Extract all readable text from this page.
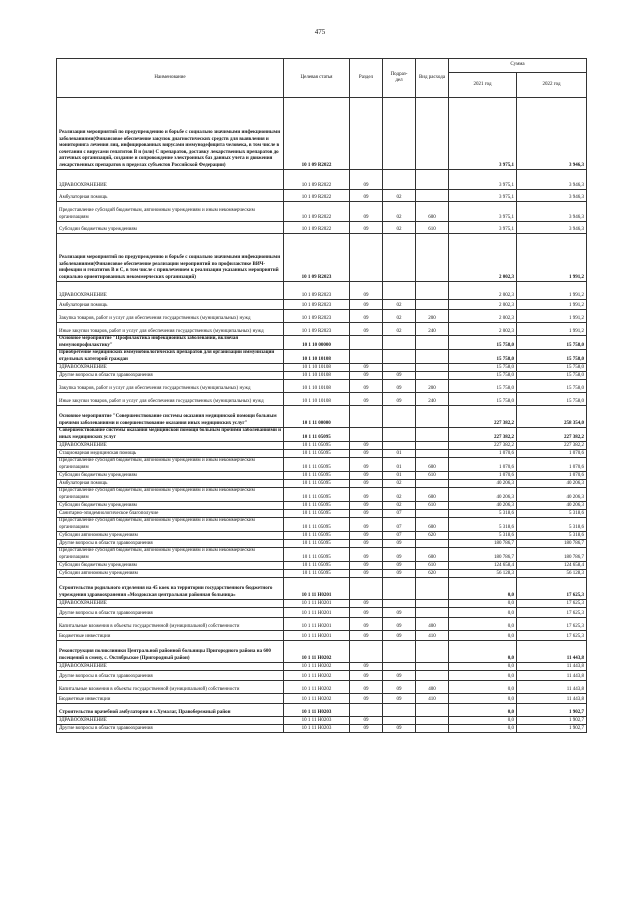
475
Наименование	Целевая статья	Раздел	Подраз-
дел	Вид расхода	Сумма	
					2021 год	2022 год
Реализация мероприятий по предупреждению и борьбе с социально значимыми инфекционными заболеваниями(Финансовое обеспечение закупок диагностических средств для выявления и мониторинга лечения лиц, инфицированных вирусами иммунодефицита человека, в том числе в сочетании с вирусами гепатитов В и (или) С препаратов, доставку лекарственных препаратов до аптечных организаций, создание и сопровождение электронных баз данных учета и движения лекарственных препаратов в пределах субъектов Российской Федерации)	10 1 09 R2022				3 975,1	3 946,3
ЗДРАВООХРАНЕНИЕ	10 1 09 R2022	09			3 975,1	3 946,3
Амбулаторная помощь	10 1 09 R2022	09	02		3 975,1	3 946,3
Предоставление субсидий бюджетным, автономным учреждениям и иным некоммерческим организациям	10 1 09 R2022	09	02	600	3 975,1	3 946,3
Субсидии бюджетным учреждениям	10 1 09 R2022	09	02	610	3 975,1	3 946,3
Реализация мероприятий по предупреждению и борьбе с социально значимыми инфекционными заболеваниями(Финансовое обеспечение реализации мероприятий по профилактике ВИЧ-инфекции и гепатитов В и С, в том числе с привлечением к реализации указанных мероприятий социально ориентированных некоммерческих организаций)	10 1 09 R2023				2 002,3	1 991,2
ЗДРАВООХРАНЕНИЕ	10 1 09 R2023	09			2 002,3	1 991,2
Амбулаторная помощь	10 1 09 R2023	09	02		2 002,3	1 991,2
Закупка товаров, работ и услуг для обеспечения государственных (муниципальных) нужд	10 1 09 R2023	09	02	200	2 002,3	1 991,2
Иные закупки товаров, работ и услуг для обеспечения государственных (муниципальных) нужд	10 1 09 R2023	09	02	240	2 002,3	1 991,2
Основное мероприятие "Профилактика инфекционных заболеваний, включая иммунопрофилактику"	10 1 10 00000				15 758,0	15 758,0
Приобретение медицинских иммунобиологических препаратов для организации иммунизации отдельных категорий граждан	10 1 10 10108				15 758,0	15 758,0
ЗДРАВООХРАНЕНИЕ	10 1 10 10108	09			15 758,0	15 758,0
Другие вопросы в области здравоохранения	10 1 10 10108	09	09		15 758,0	15 758,0
Закупка товаров, работ и услуг для обеспечения государственных (муниципальных) нужд	10 1 10 10108	09	09	200	15 758,0	15 758,0
Иные закупки товаров, работ и услуг для обеспечения государственных (муниципальных) нужд	10 1 10 10108	09	09	240	15 758,0	15 758,0
Основное мероприятие "Совершенствование системы оказания медицинской помощи больным прочими заболеваниями и совершенствование оказания иных медицинских услуг"	10 1 11 00000				227 382,2	258 354,0
Совершенствование системы оказания медицинской помощи больным прочими заболеваниями и иных медицинских услуг	10 1 11 05095				227 382,2	227 382,2
ЗДРАВООХРАНЕНИЕ	10 1 11 05095	09			227 382,2	227 382,2
Стационарная медицинская помощь	10 1 11 05095	09	01		1 070,6	1 070,6
Предоставление субсидий бюджетным, автономным учреждениям и иным некоммерческим организациям	10 1 11 05095	09	01	600	1 070,6	1 070,6
Субсидии бюджетным учреждениям	10 1 11 05095	09	01	610	1 070,6	1 070,6
Амбулаторная помощь	10 1 11 05095	09	02		40 206,3	40 206,3
Предоставление субсидий бюджетным, автономным учреждениям и иным некоммерческим организациям	10 1 11 05095	09	02	600	40 206,3	40 206,3
Субсидии бюджетным учреждениям	10 1 11 05095	09	02	610	40 206,3	40 206,3
Санитарно-эпидемиологическое благополучие	10 1 11 05095	09	07		5 318,6	5 318,6
Предоставление субсидий бюджетным, автономным учреждениям и иным некоммерческим организациям	10 1 11 05095	09	07	600	5 318,6	5 318,6
Субсидии автономным учреждениям	10 1 11 05095	09	07	620	5 318,6	5 318,6
Другие вопросы в области здравоохранения	10 1 11 05095	09	09		180 786,7	180 786,7
Предоставление субсидий бюджетным, автономным учреждениям и иным некоммерческим организациям	10 1 11 05095	09	09	600	180 786,7	180 786,7
Субсидии бюджетным учреждениям	10 1 11 05095	09	09	610	124 658,4	124 658,4
Субсидии автономным учреждениям	10 1 11 05095	09	09	620	56 128,3	56 128,3
Строительство родильного отделения на 45 коек на территории государственного бюджетного учреждения здравоохранения «Моздокская центральная районная больница»	10 1 11 Н0201				0,0	17 625,3
ЗДРАВООХРАНЕНИЕ	10 1 11 Н0201	09			0,0	17 625,3
Другие вопросы в области здравоохранения	10 1 11 Н0201	09	09		0,0	17 625,3
Капитальные вложения в объекты государственной (муниципальной) собственности	10 1 11 Н0201	09	09	400	0,0	17 625,3
Бюджетные инвестиции	10 1 11 Н0201	09	09	410	0,0	17 625,3
Реконструкция поликлиники Центральной районной больницы Пригородного района на 600 посещений в смену, с. Октябрьское (Пригородный район)	10 1 11 Н0202				0,0	11 443,8
ЗДРАВООХРАНЕНИЕ	10 1 11 Н0202	09			0,0	11 443,8
Другие вопросы в области здравоохранения	10 1 11 Н0202	09	09		0,0	11 443,8
Капитальные вложения в объекты государственной (муниципальной) собственности	10 1 11 Н0202	09	09	400	0,0	11 443,8
Бюджетные инвестиции	10 1 11 Н0202	09	09	410	0,0	11 443,8
Строительство врачебной амбулатории в с.Хумалаг, Правобережный район	10 1 11 Н0203				0,0	1 902,7
ЗДРАВООХРАНЕНИЕ	10 1 11 Н0203	09			0,0	1 902,7
Другие вопросы в области здравоохранения	10 1 11 Н0203	09	09		0,0	1 902,7
